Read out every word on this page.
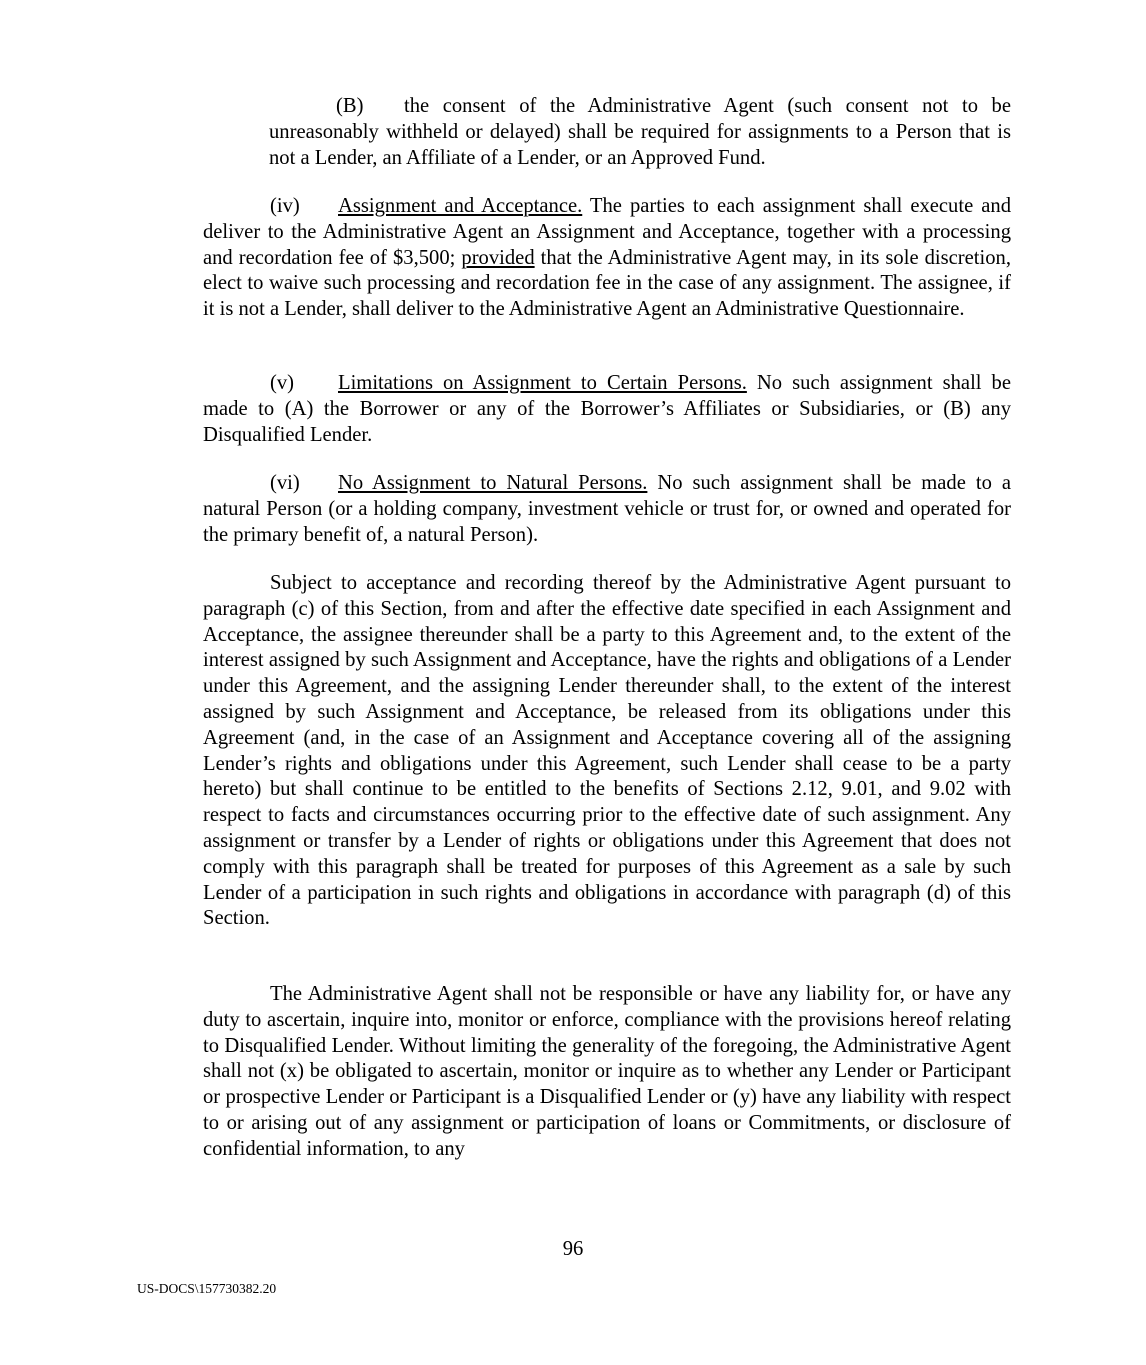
(B) the consent of the Administrative Agent (such consent not to be unreasonably withheld or delayed) shall be required for assignments to a Person that is not a Lender, an Affiliate of a Lender, or an Approved Fund.

(iv) Assignment and Acceptance. The parties to each assignment shall execute and deliver to the Administrative Agent an Assignment and Acceptance, together with a processing and recordation fee of $3,500; provided that the Administrative Agent may, in its sole discretion, elect to waive such processing and recordation fee in the case of any assignment. The assignee, if it is not a Lender, shall deliver to the Administrative Agent an Administrative Questionnaire.

(v) Limitations on Assignment to Certain Persons. No such assignment shall be made to (A) the Borrower or any of the Borrower’s Affiliates or Subsidiaries, or (B) any Disqualified Lender.

(vi) No Assignment to Natural Persons. No such assignment shall be made to a natural Person (or a holding company, investment vehicle or trust for, or owned and operated for the primary benefit of, a natural Person).

Subject to acceptance and recording thereof by the Administrative Agent pursuant to paragraph (c) of this Section, from and after the effective date specified in each Assignment and Acceptance, the assignee thereunder shall be a party to this Agreement and, to the extent of the interest assigned by such Assignment and Acceptance, have the rights and obligations of a Lender under this Agreement, and the assigning Lender thereunder shall, to the extent of the interest assigned by such Assignment and Acceptance, be released from its obligations under this Agreement (and, in the case of an Assignment and Acceptance covering all of the assigning Lender’s rights and obligations under this Agreement, such Lender shall cease to be a party hereto) but shall continue to be entitled to the benefits of Sections 2.12, 9.01, and 9.02 with respect to facts and circumstances occurring prior to the effective date of such assignment. Any assignment or transfer by a Lender of rights or obligations under this Agreement that does not comply with this paragraph shall be treated for purposes of this Agreement as a sale by such Lender of a participation in such rights and obligations in accordance with paragraph (d) of this Section.

The Administrative Agent shall not be responsible or have any liability for, or have any duty to ascertain, inquire into, monitor or enforce, compliance with the provisions hereof relating to Disqualified Lender. Without limiting the generality of the foregoing, the Administrative Agent shall not (x) be obligated to ascertain, monitor or inquire as to whether any Lender or Participant or prospective Lender or Participant is a Disqualified Lender or (y) have any liability with respect to or arising out of any assignment or participation of loans or Commitments, or disclosure of confidential information, to any

96

US-DOCS\157730382.20
